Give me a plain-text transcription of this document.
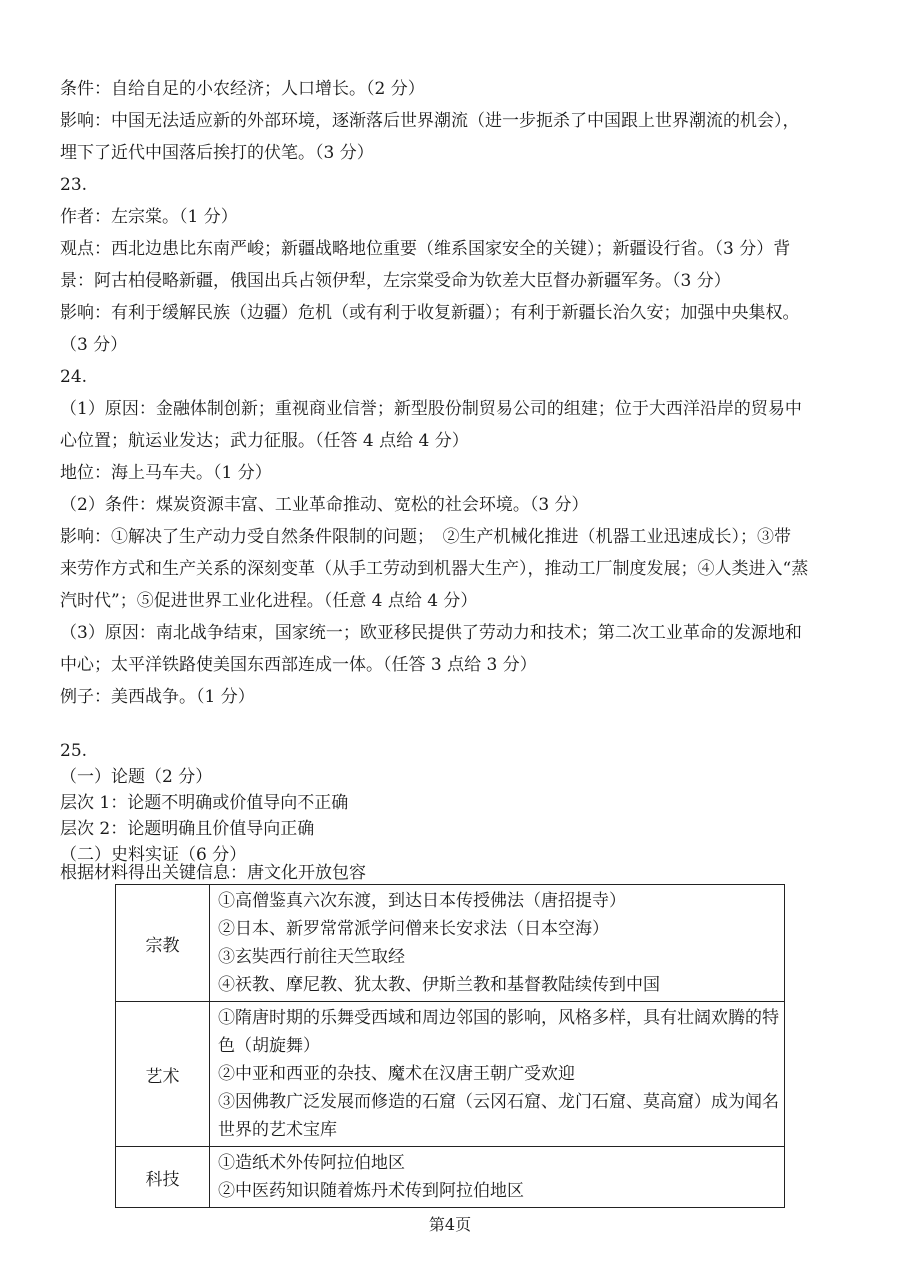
条件：自给自足的小农经济；人口增长。（2 分）
影响：中国无法适应新的外部环境，逐渐落后世界潮流（进一步扼杀了中国跟上世界潮流的机会），
埋下了近代中国落后挨打的伏笔。（3 分）
23.
作者：左宗棠。（1 分）
观点：西北边患比东南严峻；新疆战略地位重要（维系国家安全的关键）；新疆设行省。（3 分）背
景：阿古柏侵略新疆，俄国出兵占领伊犁，左宗棠受命为钦差大臣督办新疆军务。（3 分）
影响：有利于缓解民族（边疆）危机（或有利于收复新疆）；有利于新疆长治久安；加强中央集权。
（3 分）
24.
（1）原因：金融体制创新；重视商业信誉；新型股份制贸易公司的组建；位于大西洋沿岸的贸易中
心位置；航运业发达；武力征服。（任答 4 点给 4 分）
地位：海上马车夫。（1 分）
（2）条件：煤炭资源丰富、工业革命推动、宽松的社会环境。（3 分）
影响：①解决了生产动力受自然条件限制的问题；　②生产机械化推进（机器工业迅速成长）；③带
来劳作方式和生产关系的深刻变革（从手工劳动到机器大生产），推动工厂制度发展；④人类进入“蒸
汽时代”；⑤促进世界工业化进程。（任意 4 点给 4 分）
（3）原因：南北战争结束，国家统一；欧亚移民提供了劳动力和技术；第二次工业革命的发源地和
中心；太平洋铁路使美国东西部连成一体。（任答 3 点给 3 分）
例子：美西战争。（1 分）
25.
（一）论题（2 分）
层次 1：论题不明确或价值导向不正确
层次 2：论题明确且价值导向正确
（二）史料实证（6 分）
根据材料得出关键信息：唐文化开放包容
宗教	①高僧鉴真六次东渡，到达日本传授佛法（唐招提寺）
②日本、新罗常常派学问僧来长安求法（日本空海）
③玄奘西行前往天竺取经
④祆教、摩尼教、犹太教、伊斯兰教和基督教陆续传到中国

艺术	①隋唐时期的乐舞受西域和周边邻国的影响，风格多样，具有壮阔欢腾的特色（胡旋舞）
②中亚和西亚的杂技、魔术在汉唐王朝广受欢迎
③因佛教广泛发展而修造的石窟（云冈石窟、龙门石窟、莫高窟）成为闻名世界的艺术宝库

科技	①造纸术外传阿拉伯地区
②中医药知识随着炼丹术传到阿拉伯地区
第4页
